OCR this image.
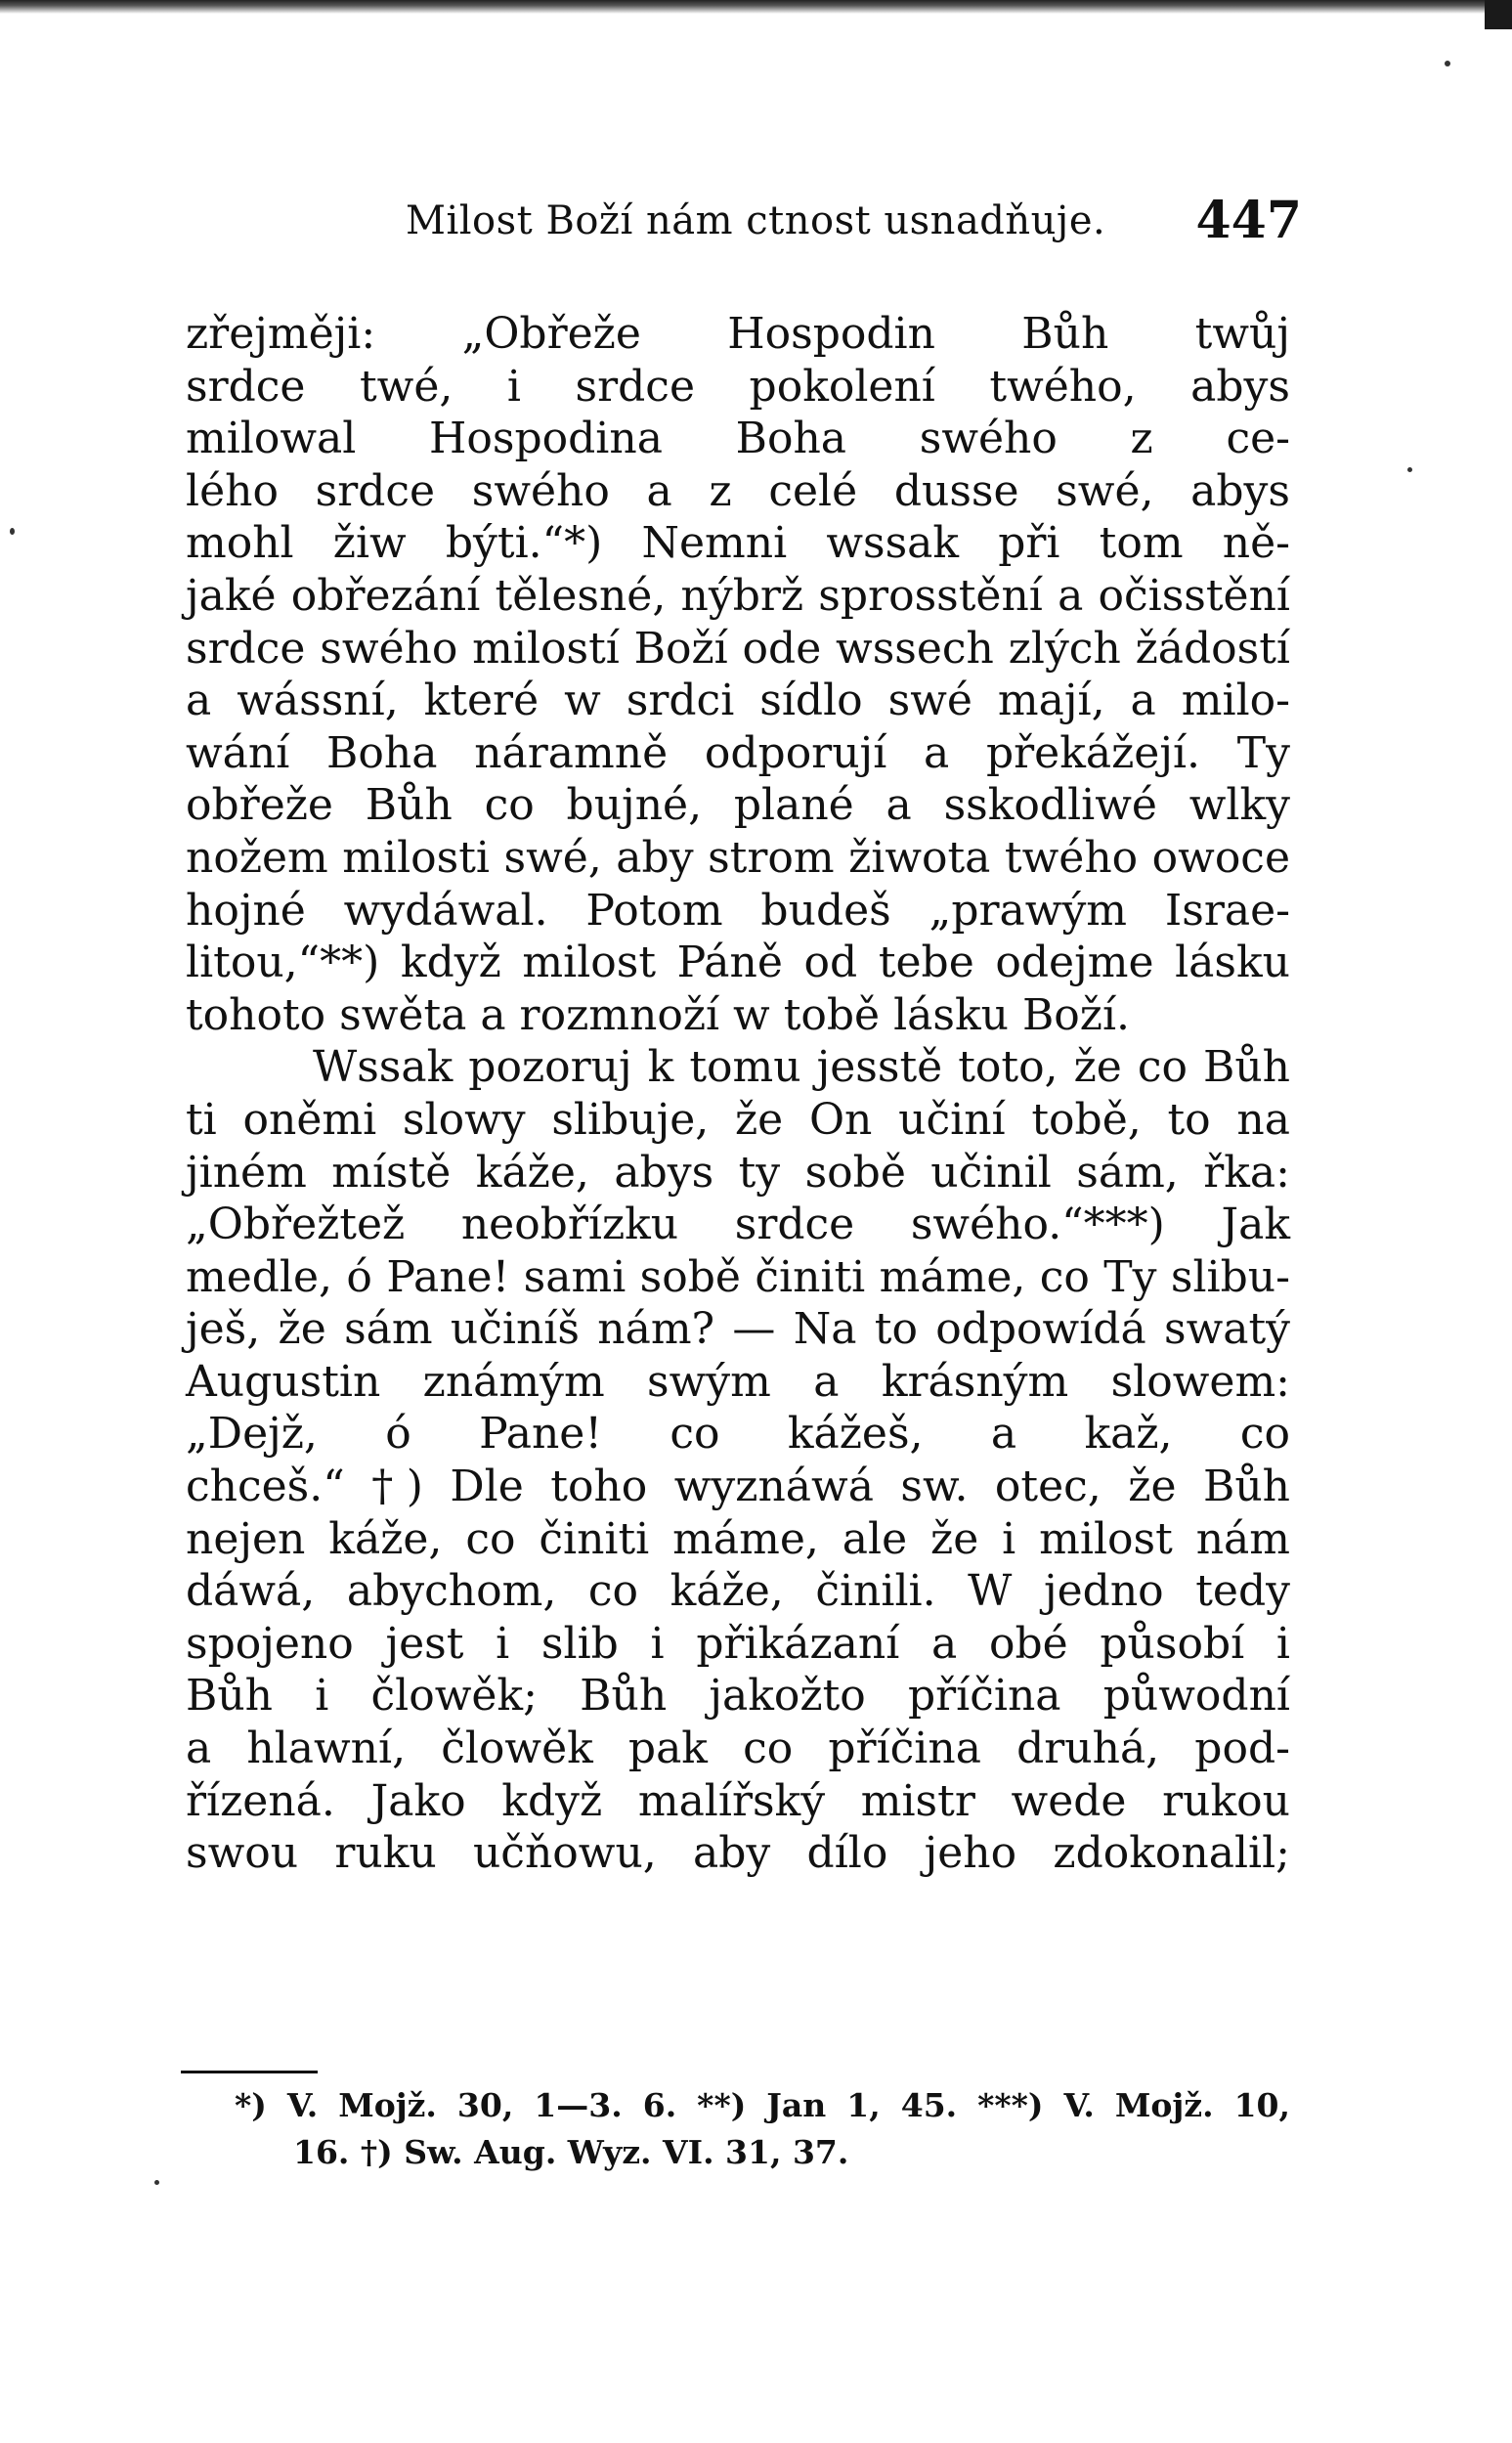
Milost Boží nám ctnost usnadňuje. 447
zřejměji: „Obřeže Hospodin Bůh twůj
srdce twé, i srdce pokolení twého, abys
milowal Hospodina Boha swého z ce-
lého srdce swého a z celé dusse swé, abys
mohl žiw býti.“*) Nemni wssak při tom ně-
jaké obřezání tělesné, nýbrž sprosstění a očisstění
srdce swého milostí Boží ode wssech zlých žádostí
a wássní, které w srdci sídlo swé mají, a milo-
wání Boha náramně odporují a překážejí. Ty
obřeže Bůh co bujné, plané a sskodliwé wlky
nožem milosti swé, aby strom žiwota twého owoce
hojné wydáwal. Potom budeš „prawým Israe-
litou,“**) když milost Páně od tebe odejme lásku
tohoto swěta a rozmnoží w tobě lásku Boží.
Wssak pozoruj k tomu jesstě toto, že co Bůh
ti oněmi slowy slibuje, že On učiní tobě, to na
jiném místě káže, abys ty sobě učinil sám, řka:
„Obřežtež neobřízku srdce swého.“***) Jak
medle, ó Pane! sami sobě činiti máme, co Ty slibu-
ješ, že sám učiníš nám? — Na to odpowídá swatý
Augustin známým swým a krásným slowem:
„Dejž, ó Pane! co kážeš, a kaž, co
chceš.“ †) Dle toho wyznáwá sw. otec, že Bůh
nejen káže, co činiti máme, ale že i milost nám
dáwá, abychom, co káže, činili. W jedno tedy
spojeno jest i slib i přikázaní a obé působí i
Bůh i člowěk; Bůh jakožto příčina půwodní
a hlawní, člowěk pak co příčina druhá, pod-
řízená. Jako když malířský mistr wede rukou
swou ruku učňowu, aby dílo jeho zdokonalil;
*) V. Mojž. 30, 1—3. 6. **) Jan 1, 45. ***) V. Mojž. 10,
16. †) Sw. Aug. Wyz. VI. 31, 37.
